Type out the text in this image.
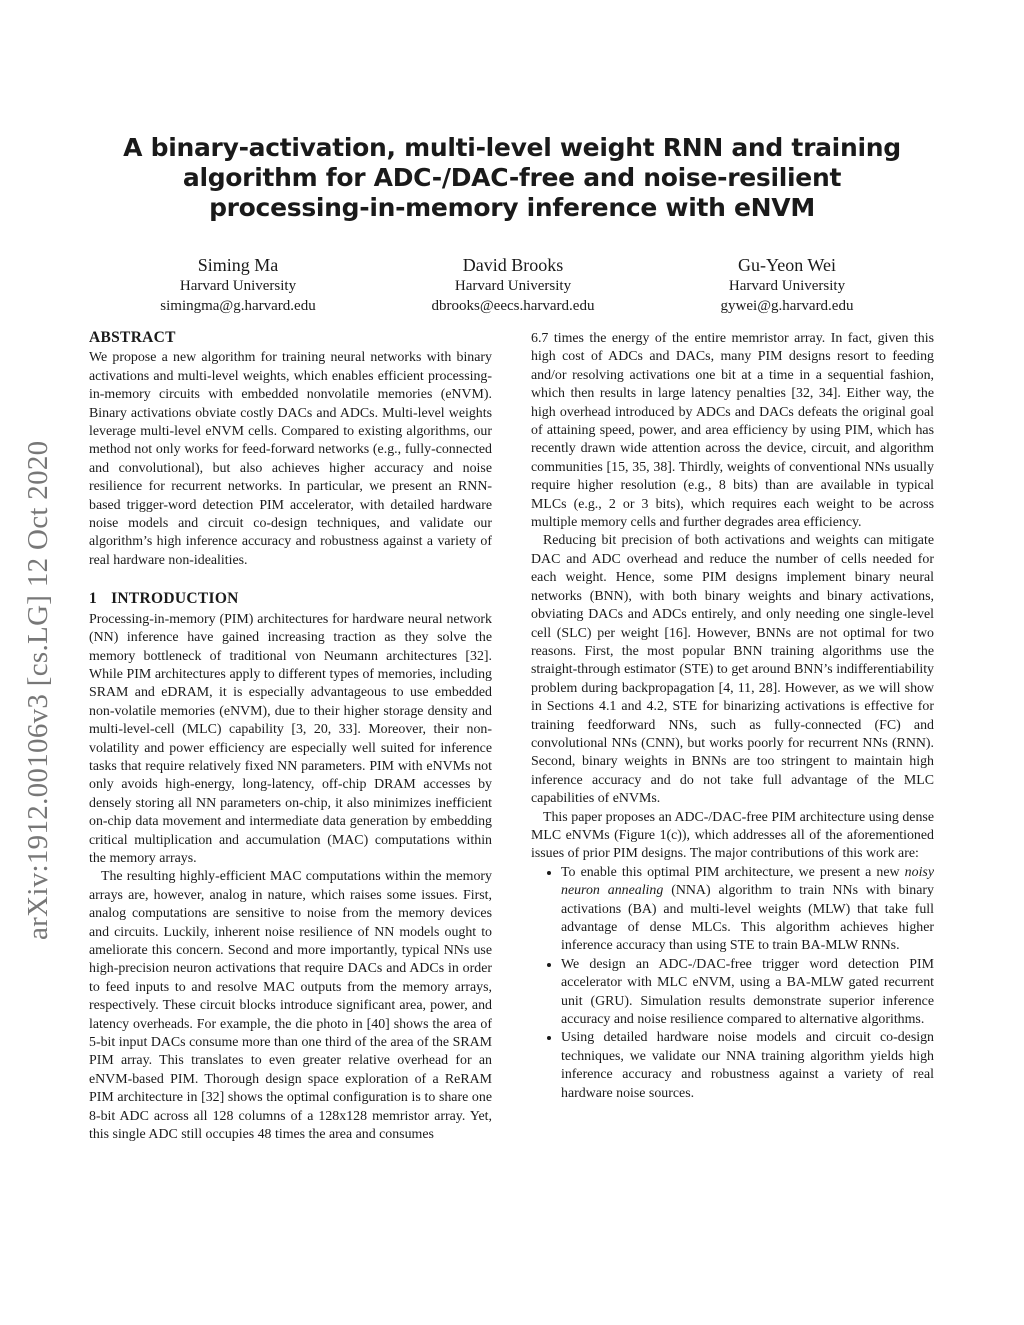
arXiv:1912.00106v3 [cs.LG] 12 Oct 2020
A binary-activation, multi-level weight RNN and training algorithm for ADC-/DAC-free and noise-resilient processing-in-memory inference with eNVM
Siming Ma
Harvard University
simingma@g.harvard.edu
David Brooks
Harvard University
dbrooks@eecs.harvard.edu
Gu-Yeon Wei
Harvard University
gywei@g.harvard.edu
ABSTRACT

We propose a new algorithm for training neural networks with binary activations and multi-level weights, which enables efficient processing-in-memory circuits with embedded nonvolatile memories (eNVM). Binary activations obviate costly DACs and ADCs. Multi-level weights leverage multi-level eNVM cells. Compared to existing algorithms, our method not only works for feed-forward networks (e.g., fully-connected and convolutional), but also achieves higher accuracy and noise resilience for recurrent networks. In particular, we present an RNN-based trigger-word detection PIM accelerator, with detailed hardware noise models and circuit co-design techniques, and validate our algorithm’s high inference accuracy and robustness against a variety of real hardware non-idealities.

1 INTRODUCTION

Processing-in-memory (PIM) architectures for hardware neural network (NN) inference have gained increasing traction as they solve the memory bottleneck of traditional von Neumann architectures [32]. While PIM architectures apply to different types of memories, including SRAM and eDRAM, it is especially advantageous to use embedded non-volatile memories (eNVM), due to their higher storage density and multi-level-cell (MLC) capability [3, 20, 33]. Moreover, their non-volatility and power efficiency are especially well suited for inference tasks that require relatively fixed NN parameters. PIM with eNVMs not only avoids high-energy, long-latency, off-chip DRAM accesses by densely storing all NN parameters on-chip, it also minimizes inefficient on-chip data movement and intermediate data generation by embedding critical multiplication and accumulation (MAC) computations within the memory arrays.

The resulting highly-efficient MAC computations within the memory arrays are, however, analog in nature, which raises some issues. First, analog computations are sensitive to noise from the memory devices and circuits. Luckily, inherent noise resilience of NN models ought to ameliorate this concern. Second and more importantly, typical NNs use high-precision neuron activations that require DACs and ADCs in order to feed inputs to and resolve MAC outputs from the memory arrays, respectively. These circuit blocks introduce significant area, power, and latency overheads. For example, the die photo in [40] shows the area of 5-bit input DACs consume more than one third of the area of the SRAM PIM array. This translates to even greater relative overhead for an eNVM-based PIM. Thorough design space exploration of a ReRAM PIM architecture in [32] shows the optimal configuration is to share one 8-bit ADC across all 128 columns of a 128x128 memristor array. Yet, this single ADC still occupies 48 times the area and consumes

6.7 times the energy of the entire memristor array. In fact, given this high cost of ADCs and DACs, many PIM designs resort to feeding and/or resolving activations one bit at a time in a sequential fashion, which then results in large latency penalties [32, 34]. Either way, the high overhead introduced by ADCs and DACs defeats the original goal of attaining speed, power, and area efficiency by using PIM, which has recently drawn wide attention across the device, circuit, and algorithm communities [15, 35, 38]. Thirdly, weights of conventional NNs usually require higher resolution (e.g., 8 bits) than are available in typical MLCs (e.g., 2 or 3 bits), which requires each weight to be across multiple memory cells and further degrades area efficiency.

Reducing bit precision of both activations and weights can mitigate DAC and ADC overhead and reduce the number of cells needed for each weight. Hence, some PIM designs implement binary neural networks (BNN), with both binary weights and binary activations, obviating DACs and ADCs entirely, and only needing one single-level cell (SLC) per weight [16]. However, BNNs are not optimal for two reasons. First, the most popular BNN training algorithms use the straight-through estimator (STE) to get around BNN’s indifferentiability problem during backpropagation [4, 11, 28]. However, as we will show in Sections 4.1 and 4.2, STE for binarizing activations is effective for training feedforward NNs, such as fully-connected (FC) and convolutional NNs (CNN), but works poorly for recurrent NNs (RNN). Second, binary weights in BNNs are too stringent to maintain high inference accuracy and do not take full advantage of the MLC capabilities of eNVMs.

This paper proposes an ADC-/DAC-free PIM architecture using dense MLC eNVMs (Figure 1(c)), which addresses all of the aforementioned issues of prior PIM designs. The major contributions of this work are:

• To enable this optimal PIM architecture, we present a new noisy neuron annealing (NNA) algorithm to train NNs with binary activations (BA) and multi-level weights (MLW) that take full advantage of dense MLCs. This algorithm achieves higher inference accuracy than using STE to train BA-MLW RNNs.
• We design an ADC-/DAC-free trigger word detection PIM accelerator with MLC eNVM, using a BA-MLW gated recurrent unit (GRU). Simulation results demonstrate superior inference accuracy and noise resilience compared to alternative algorithms.
• Using detailed hardware noise models and circuit co-design techniques, we validate our NNA training algorithm yields high inference accuracy and robustness against a variety of real hardware noise sources.
